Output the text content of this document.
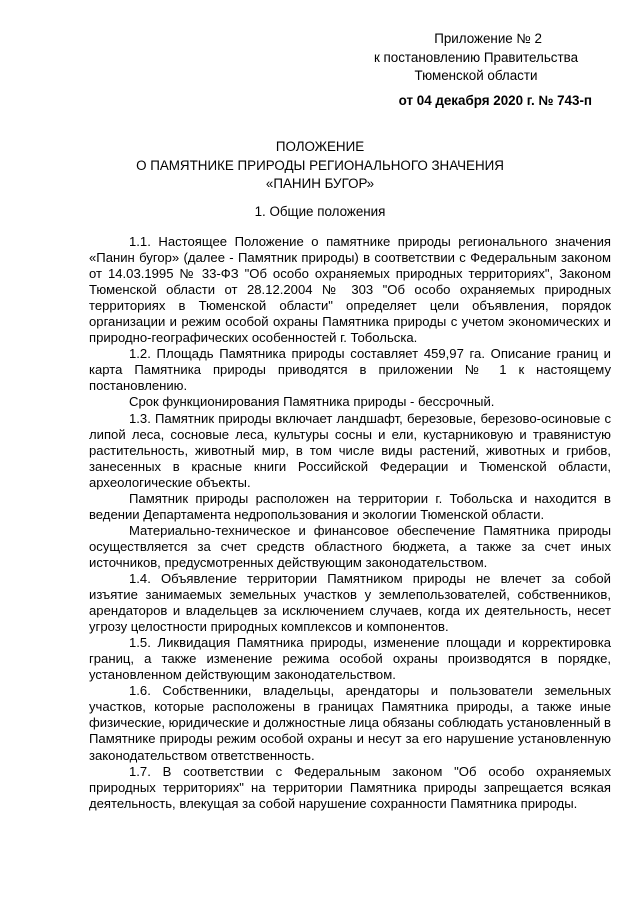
Приложение № 2
к постановлению Правительства
Тюменской области
от 04 декабря 2020 г. № 743-п
ПОЛОЖЕНИЕ
О ПАМЯТНИКЕ ПРИРОДЫ РЕГИОНАЛЬНОГО ЗНАЧЕНИЯ
«ПАНИН БУГОР»
1. Общие положения

1.1. Настоящее Положение о памятнике природы регионального значения «Панин бугор» (далее - Памятник природы) в соответствии с Федеральным законом от 14.03.1995 № 33-ФЗ "Об особо охраняемых природных территориях", Законом Тюменской области от 28.12.2004 № 303 "Об особо охраняемых природных территориях в Тюменской области" определяет цели объявления, порядок организации и режим особой охраны Памятника природы с учетом экономических и природно-географических особенностей г. Тобольска.

1.2. Площадь Памятника природы составляет 459,97 га. Описание границ и карта Памятника природы приводятся в приложении № 1 к настоящему постановлению.

Срок функционирования Памятника природы - бессрочный.

1.3. Памятник природы включает ландшафт, березовые, березово-осиновые с липой леса, сосновые леса, культуры сосны и ели, кустарниковую и травянистую растительность, животный мир, в том числе виды растений, животных и грибов, занесенных в красные книги Российской Федерации и Тюменской области, археологические объекты.

Памятник природы расположен на территории г. Тобольска и находится в ведении Департамента недропользования и экологии Тюменской области.

Материально-техническое и финансовое обеспечение Памятника природы осуществляется за счет средств областного бюджета, а также за счет иных источников, предусмотренных действующим законодательством.

1.4. Объявление территории Памятником природы не влечет за собой изъятие занимаемых земельных участков у землепользователей, собственников, арендаторов и владельцев за исключением случаев, когда их деятельность, несет угрозу целостности природных комплексов и компонентов.

1.5. Ликвидация Памятника природы, изменение площади и корректировка границ, а также изменение режима особой охраны производятся в порядке, установленном действующим законодательством.

1.6. Собственники, владельцы, арендаторы и пользователи земельных участков, которые расположены в границах Памятника природы, а также иные физические, юридические и должностные лица обязаны соблюдать установленный в Памятнике природы режим особой охраны и несут за его нарушение установленную законодательством ответственность.

1.7. В соответствии с Федеральным законом "Об особо охраняемых природных территориях" на территории Памятника природы запрещается всякая деятельность, влекущая за собой нарушение сохранности Памятника природы.
